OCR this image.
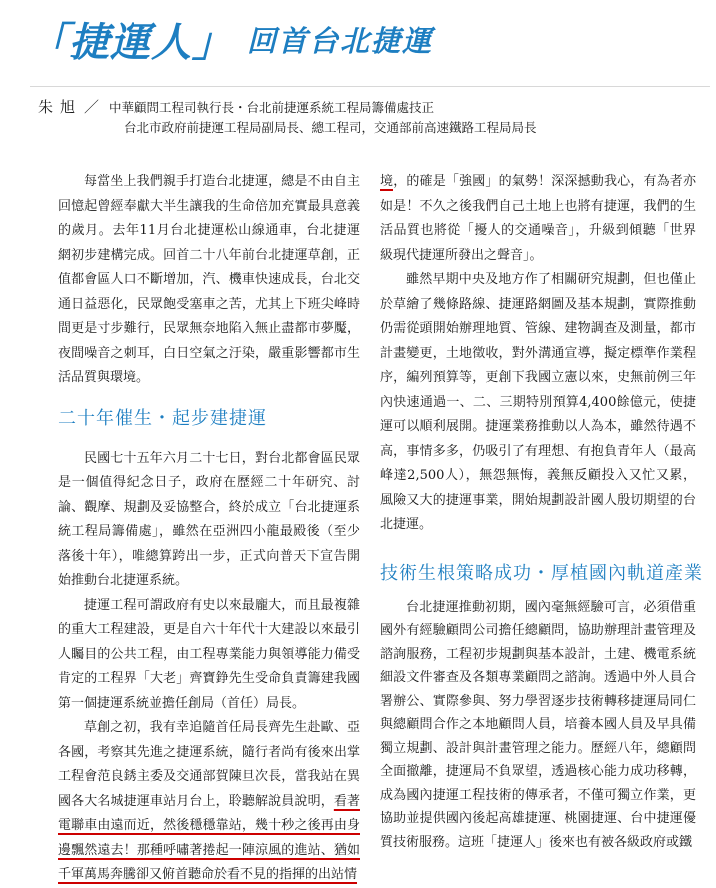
「捷運人」 回首台北捷運
朱旭 ／ 中華顧問工程司執行長・台北前捷運系統工程局籌備處技正
台北市政府前捷運工程局副局長、總工程司，交通部前高速鐵路工程局局長

每當坐上我們親手打造台北捷運，總是不由自主回憶起曾經奉獻大半生讓我的生命倍加充實最具意義的歲月。去年11月台北捷運松山線通車，台北捷運網初步建構完成。回首二十八年前台北捷運草創，正值都會區人口不斷增加，汽、機車快速成長，台北交通日益惡化，民眾飽受塞車之苦，尤其上下班尖峰時間更是寸步難行，民眾無奈地陷入無止盡都市夢魘，夜間噪音之刺耳，白日空氣之汙染，嚴重影響都市生活品質與環境。

二十年催生・起步建捷運

民國七十五年六月二十七日，對台北都會區民眾是一個值得紀念日子，政府在歷經二十年研究、討論、觀摩、規劃及妥協整合，終於成立「台北捷運系統工程局籌備處」，雖然在亞洲四小龍最殿後（至少落後十年），唯總算跨出一步，正式向普天下宣告開始推動台北捷運系統。

捷運工程可謂政府有史以來最龐大，而且最複雜的重大工程建設，更是自六十年代十大建設以來最引人矚目的公共工程，由工程專業能力與領導能力備受肯定的工程界「大老」齊寶錚先生受命負責籌建我國第一個捷運系統並擔任創局（首任）局長。

草創之初，我有幸追隨首任局長齊先生赴歐、亞各國，考察其先進之捷運系統，隨行者尚有後來出掌工程會范良銹主委及交通部賀陳旦次長，當我站在異國各大名城捷運車站月台上，聆聽解說員說明，看著電聯車由遠而近，然後穩穩靠站，幾十秒之後再由身邊飄然遠去！那種呼嘯著捲起一陣涼風的進站、猶如千軍萬馬奔騰卻又俯首聽命於看不見的指揮的出站情

境，的確是「強國」的氣勢！深深撼動我心，有為者亦如是！不久之後我們自己土地上也將有捷運，我們的生活品質也將從「擾人的交通噪音」，升級到傾聽「世界級現代捷運所發出之聲音」。

雖然早期中央及地方作了相關研究規劃，但也僅止於草繪了幾條路線、捷運路網圖及基本規劃，實際推動仍需從頭開始辦理地質、管線、建物調查及測量，都市計畫變更，土地徵收，對外溝通宣導，擬定標準作業程序，編列預算等，更創下我國立憲以來，史無前例三年內快速通過一、二、三期特別預算4,400餘億元，使捷運可以順利展開。捷運業務推動以人為本，雖然待遇不高，事情多多，仍吸引了有理想、有抱負青年人（最高峰達2,500人），無怨無悔，義無反顧投入又忙又累，風險又大的捷運事業，開始規劃設計國人殷切期望的台北捷運。

技術生根策略成功・厚植國內軌道產業

台北捷運推動初期，國內毫無經驗可言，必須借重國外有經驗顧問公司擔任總顧問，協助辦理計畫管理及諮詢服務，工程初步規劃與基本設計，土建、機電系統細設文件審查及各類專業顧問之諮詢。透過中外人員合署辦公、實際參與、努力學習逐步技術轉移捷運局同仁與總顧問合作之本地顧問人員，培養本國人員及早具備獨立規劃、設計與計畫管理之能力。歷經八年，總顧問全面撤離，捷運局不負眾望，透過核心能力成功移轉，成為國內捷運工程技術的傳承者，不僅可獨立作業，更協助並提供國內後起高雄捷運、桃園捷運、台中捷運優質技術服務。這班「捷運人」後來也有被各級政府或鐵
